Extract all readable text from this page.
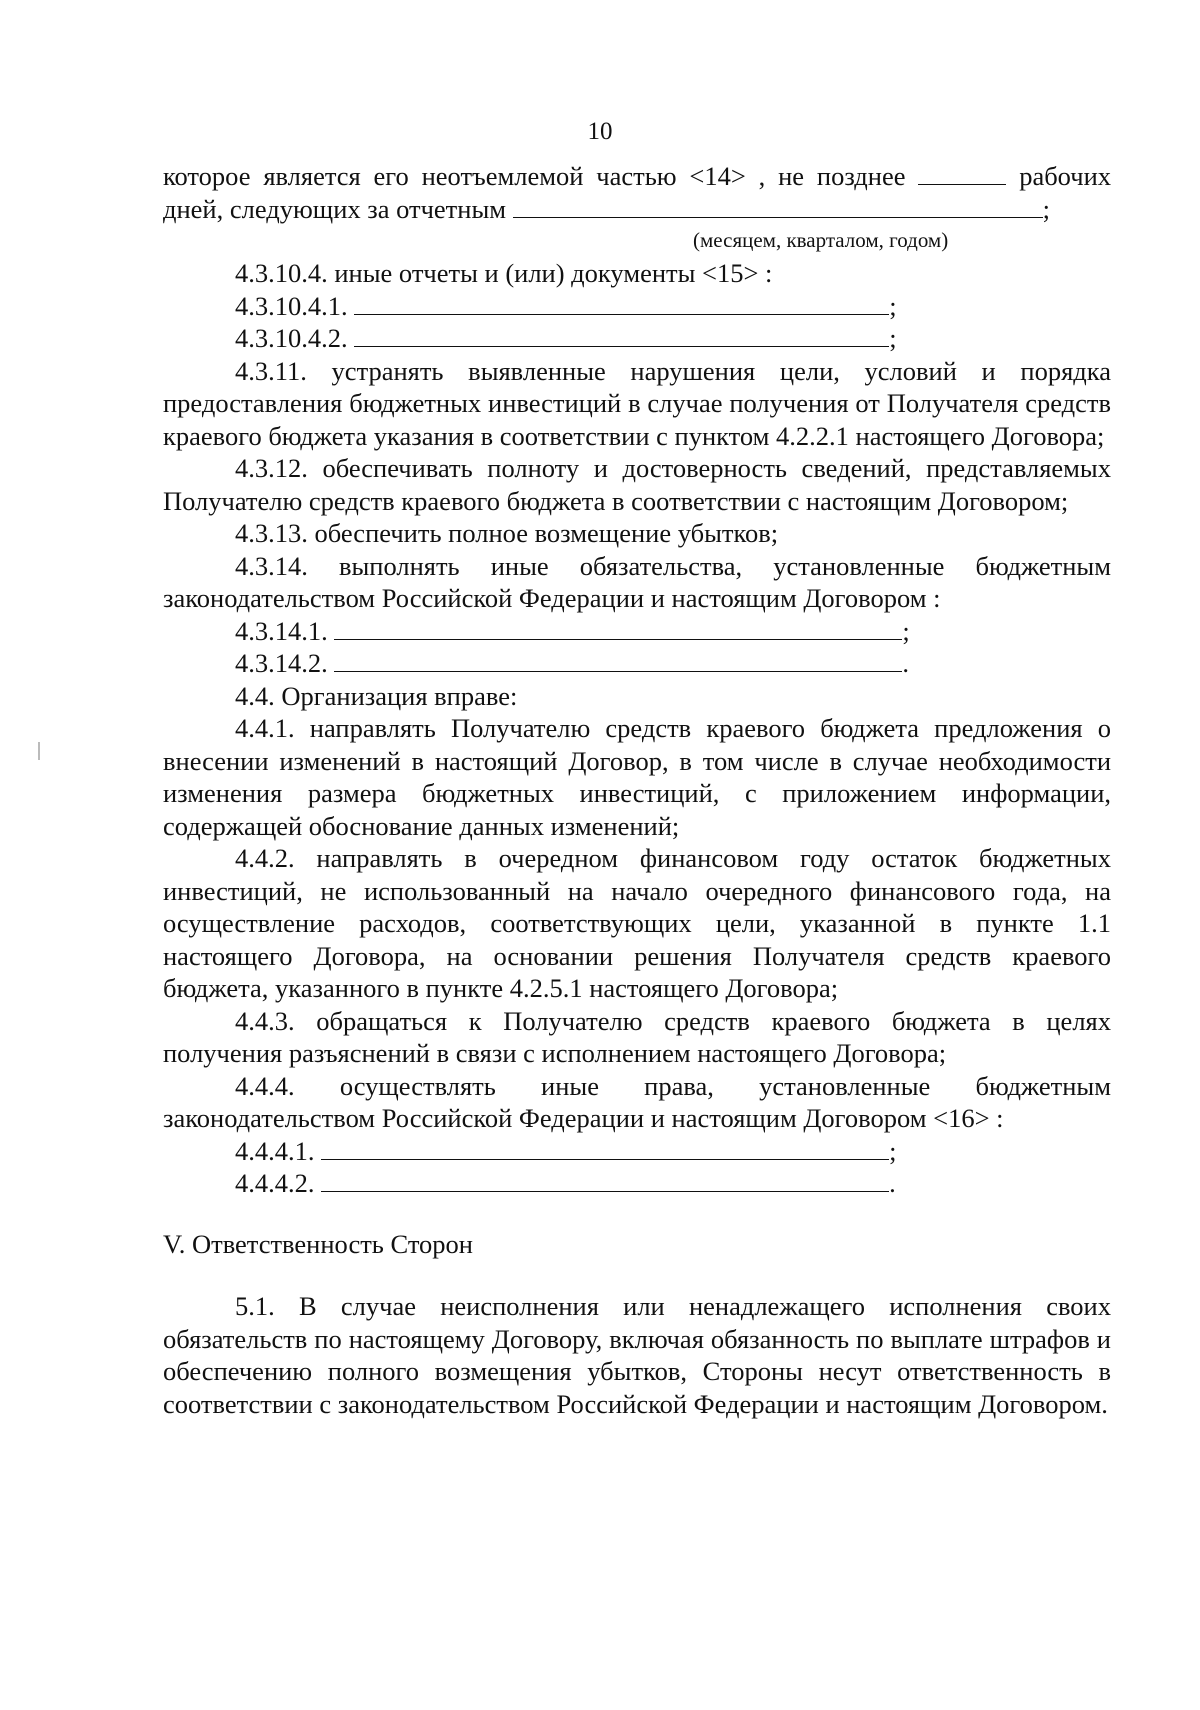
10

которое является его неотъемлемой частью <14> , не позднее	рабочих

дней, следующих за отчетным	;

(месяцем, кварталом, годом)

4.3.10.4. иные отчеты и (или) документы <15> :

4.3.10.4.1.	;

4.3.10.4.2.	;

4.3.11. устранять выявленные нарушения цели, условий и порядка предоставления бюджетных инвестиций в случае получения от Получателя средств краевого бюджета указания в соответствии с пунктом 4.2.2.1 настоящего Договора;

4.3.12. обеспечивать полноту и достоверность сведений, представляемых Получателю средств краевого бюджета в соответствии с настоящим Договором;

4.3.13. обеспечить полное возмещение убытков;

4.3.14. выполнять иные обязательства, установленные бюджетным законодательством Российской Федерации и настоящим Договором :

4.3.14.1.	;

4.3.14.2.	.

4.4. Организация вправе:

4.4.1. направлять Получателю средств краевого бюджета предложения о внесении изменений в настоящий Договор, в том числе в случае необходимости изменения размера бюджетных инвестиций, с приложением информации, содержащей обоснование данных изменений;

4.4.2. направлять в очередном финансовом году остаток бюджетных инвестиций, не использованный на начало очередного финансового года, на осуществление расходов, соответствующих цели, указанной в пункте 1.1 настоящего Договора, на основании решения Получателя средств краевого бюджета, указанного в пункте 4.2.5.1 настоящего Договора;

4.4.3. обращаться к Получателю средств краевого бюджета в целях получения разъяснений в связи с исполнением настоящего Договора;

4.4.4. осуществлять иные права, установленные бюджетным законодательством Российской Федерации и настоящим Договором <16> :

4.4.4.1.	;

4.4.4.2.	.

V. Ответственность Сторон

5.1. В случае неисполнения или ненадлежащего исполнения своих обязательств по настоящему Договору, включая обязанность по выплате штрафов и обеспечению полного возмещения убытков, Стороны несут ответственность в соответствии с законодательством Российской Федерации и настоящим Договором.
